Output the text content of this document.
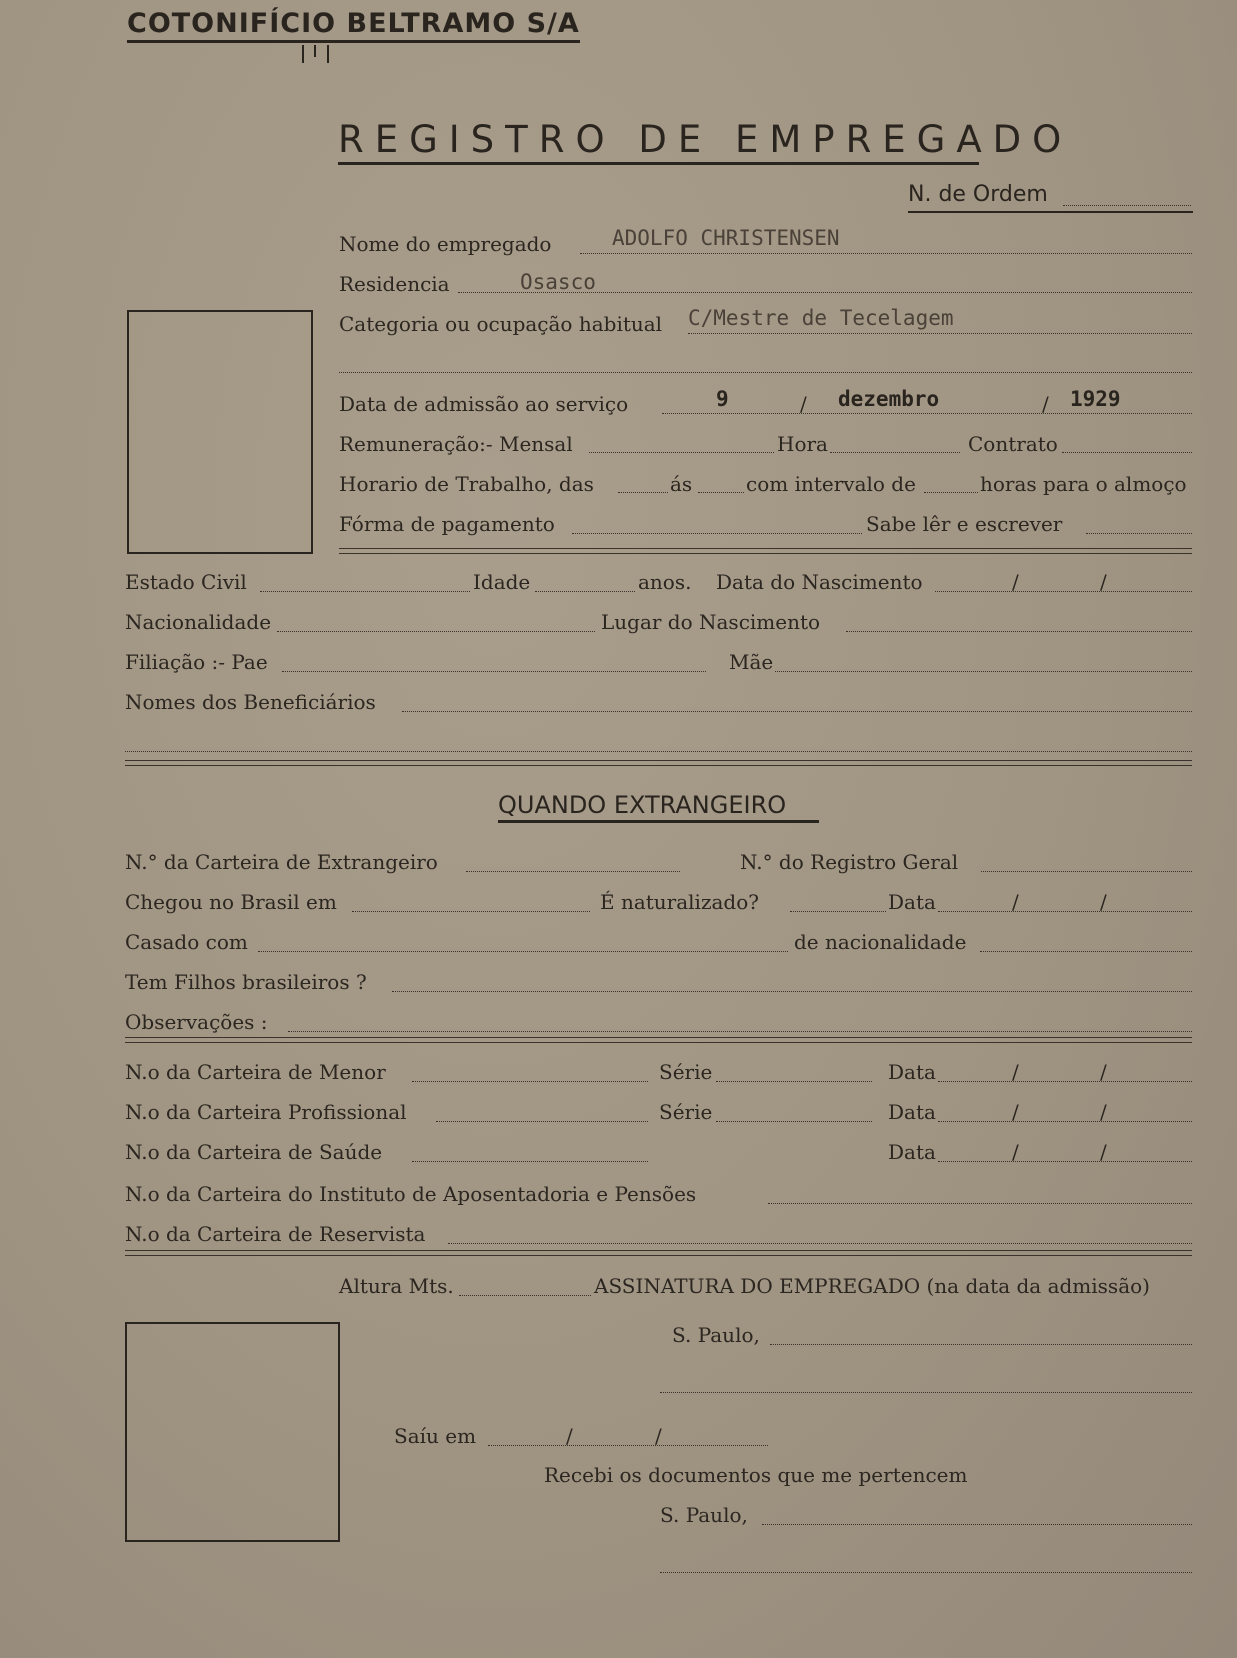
COTONIFÍCIO BELTRAMO S/A
REGISTRO DE EMPREGADO
N. de Ordem
Nome do empregado	ADOLFO CHRISTENSEN
Residencia	Osasco
Categoria ou ocupação habitual C/Mestre de Tecelagem
Data de admissão ao serviço	9	/ dezembro	/ 1929
Remuneração:- Mensal	Hora	Contrato
Horario de Trabalho, das	ás	com intervalo de	horas para o almoço
Fórma de pagamento	Sabe lêr e escrever
Estado Civil	Idade	anos. Data do Nascimento	/	/
Nacionalidade	Lugar do Nascimento
Filiação :- Pae	Mãe
Nomes dos Beneficiários
QUANDO EXTRANGEIRO
N.° da Carteira de Extrangeiro	N.° do Registro Geral
Chegou no Brasil em	É naturalizado?	Data	/	/
Casado com	de nacionalidade
Tem Filhos brasileiros ?
Observações :
N.o da Carteira de Menor	Série	Data	/	/
N.o da Carteira Profissional	Série	Data	/	/
N.o da Carteira de Saúde	Data	/	/
N.o da Carteira do Instituto de Aposentadoria e Pensões
N.o da Carteira de Reservista
Altura Mts.	ASSINATURA DO EMPREGADO (na data da admissão)
S. Paulo,
Saíu em	/	/
Recebi os documentos que me pertencem
S. Paulo,
